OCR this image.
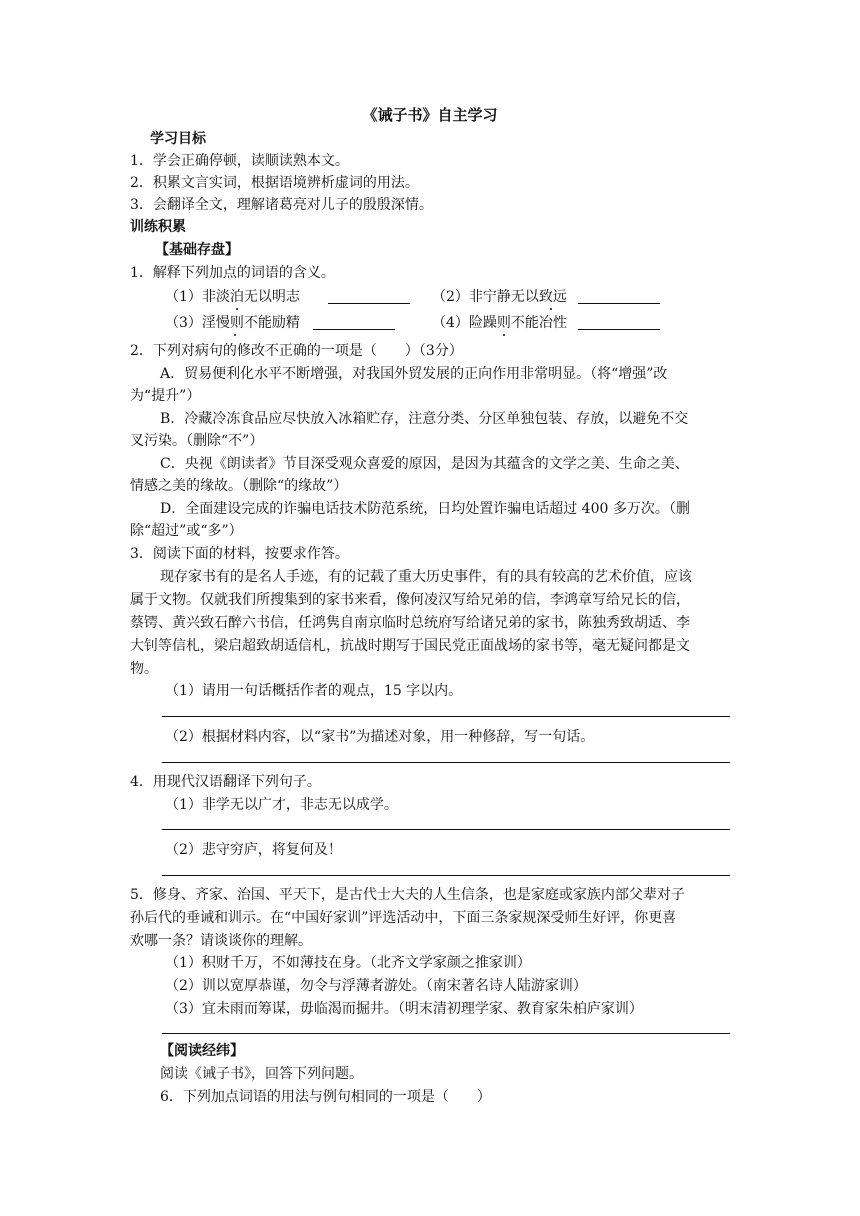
《诫子书》自主学习
学习目标
1．学会正确停顿，读顺读熟本文。
2．积累文言实词，根据语境辨析虚词的用法。
3．会翻译全文，理解诸葛亮对儿子的殷殷深情。
训练积累
【基础存盘】
1．解释下列加点的词语的含义。
（1）非淡泊无以明志	（2）非宁静无以致远
（3）淫慢则不能励精	（4）险躁则不能冶性
2．下列对病句的修改不正确的一项是（　　）（3分）
A．贸易便利化水平不断增强，对我国外贸发展的正向作用非常明显。（将“增强”改
为“提升”）
B．冷藏冷冻食品应尽快放入冰箱贮存，注意分类、分区单独包装、存放，以避免不交
叉污染。（删除“不”）
C．央视《朗读者》节目深受观众喜爱的原因，是因为其蕴含的文学之美、生命之美、
情感之美的缘故。（删除“的缘故”）
D．全面建设完成的诈骗电话技术防范系统，日均处置诈骗电话超过 400 多万次。（删
除“超过”或“多”）
3．阅读下面的材料，按要求作答。
现存家书有的是名人手迹，有的记载了重大历史事件，有的具有较高的艺术价值，应该
属于文物。仅就我们所搜集到的家书来看，像何凌汉写给兄弟的信，李鸿章写给兄长的信，
蔡锷、黄兴致石醉六书信，任鸿隽自南京临时总统府写给诸兄弟的家书，陈独秀致胡适、李
大钊等信札，梁启超致胡适信札，抗战时期写于国民党正面战场的家书等，毫无疑问都是文
物。
（1）请用一句话概括作者的观点，15 字以内。
（2）根据材料内容，以“家书”为描述对象，用一种修辞，写一句话。
4．用现代汉语翻译下列句子。
（1）非学无以广才，非志无以成学。
（2）悲守穷庐，将复何及！
5．修身、齐家、治国、平天下，是古代士大夫的人生信条，也是家庭或家族内部父辈对子
孙后代的垂诫和训示。在“中国好家训”评选活动中，下面三条家规深受师生好评，你更喜
欢哪一条？请谈谈你的理解。
（1）积财千万，不如薄技在身。（北齐文学家颜之推家训）
（2）训以宽厚恭谨，勿令与浮薄者游处。（南宋著名诗人陆游家训）
（3）宜未雨而筹谋，毋临渴而掘井。（明末清初理学家、教育家朱柏庐家训）
【阅读经纬】
阅读《诫子书》，回答下列问题。
6．下列加点词语的用法与例句相同的一项是（　　）
